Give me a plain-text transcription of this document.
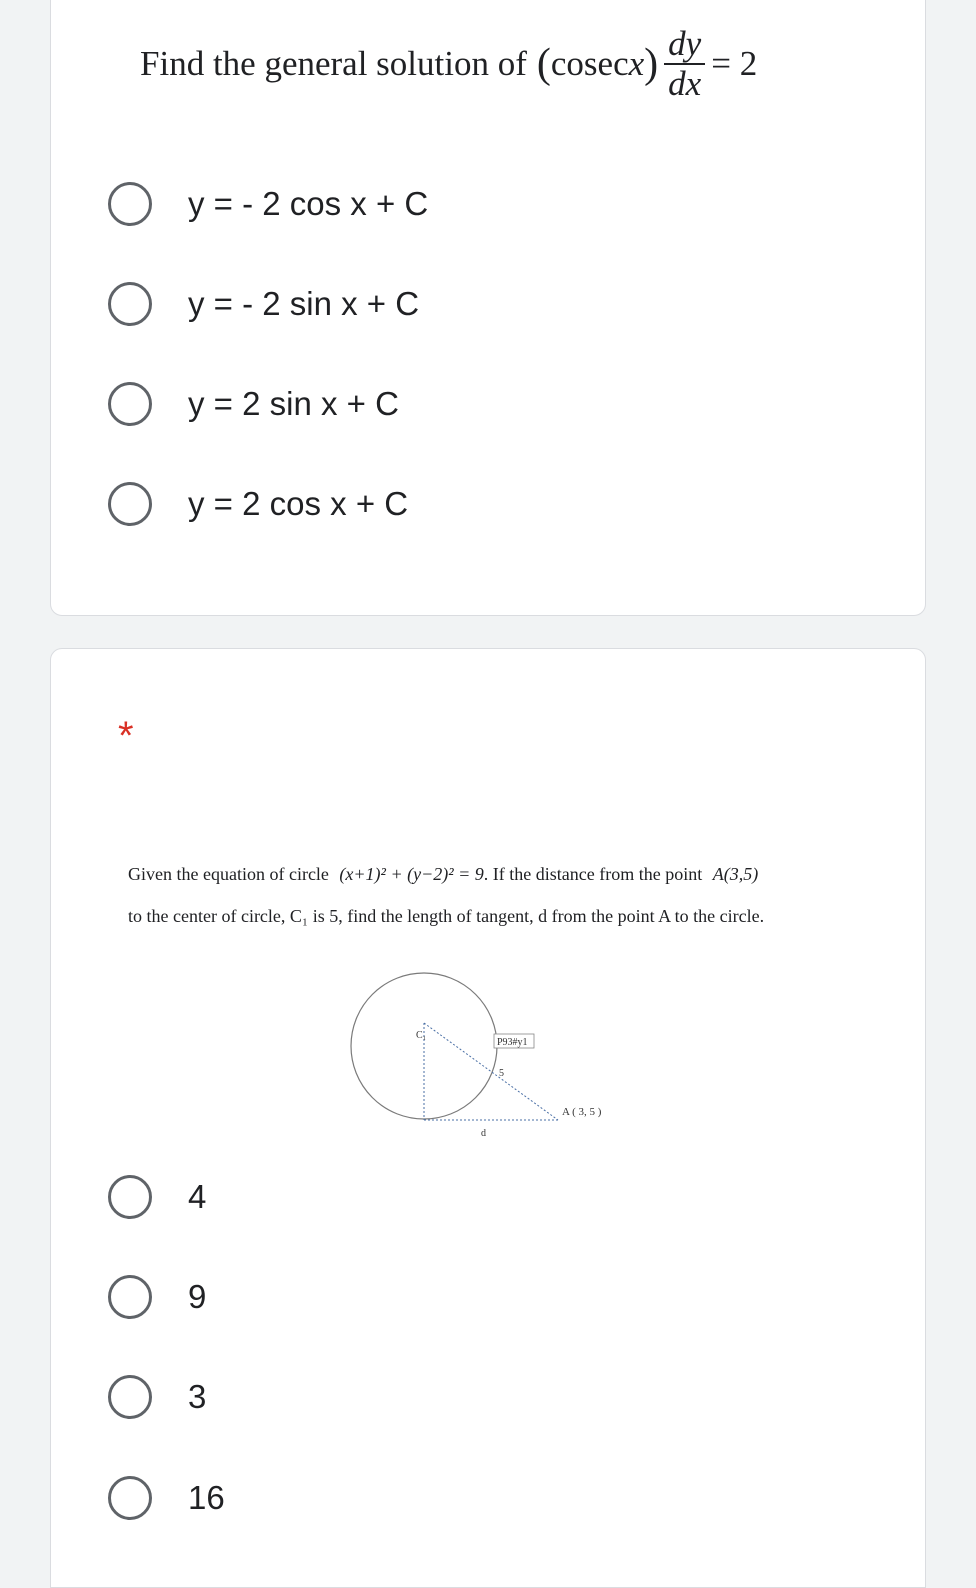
Find the general solution of ( cosec x ) $\frac{dy}{dx} = 2$
y = - 2 cos x + C
y = - 2 sin x + C
y = 2 sin x + C
y = 2 cos x + C
*
Given the equation of circle (x+1)² + (y−2)² = 9. If the distance from the point A(3,5)
to the center of circle, C₁ is 5, find the length of tangent, d from the point A to the circle.
C₁
P93#y1
5
A ( 3, 5 )
d
4
9
3
16
